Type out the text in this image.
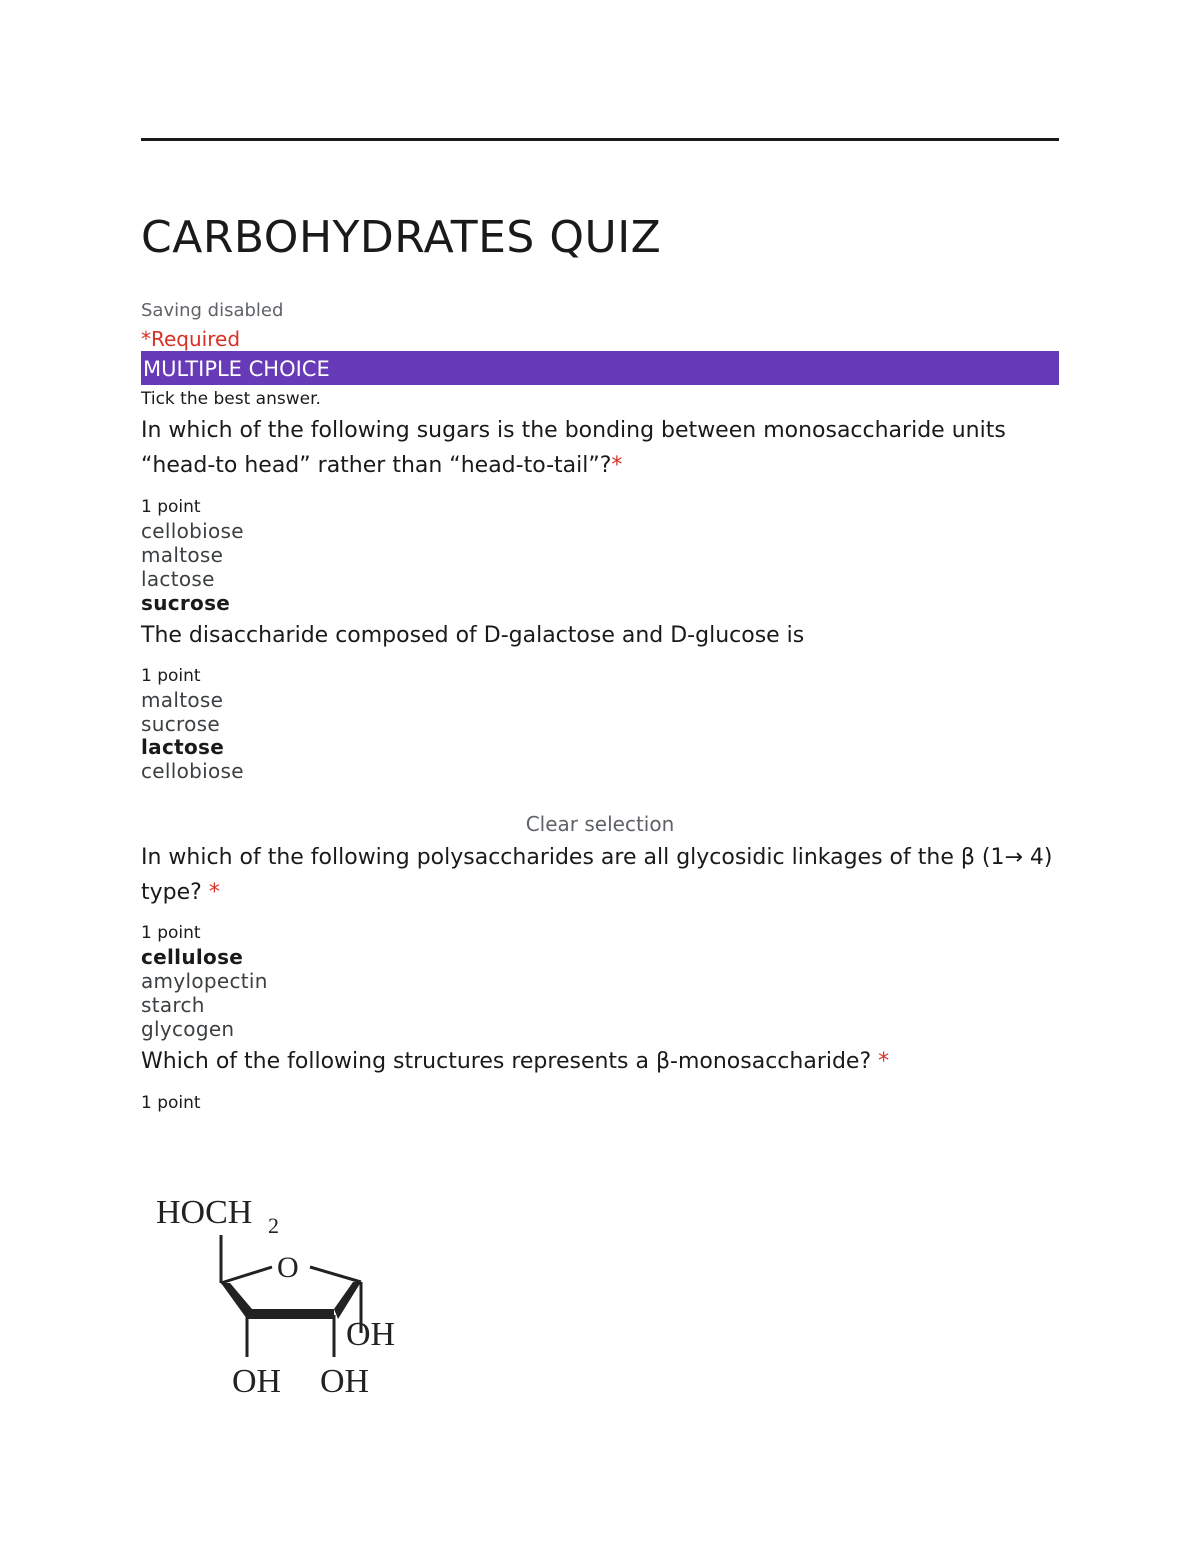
CARBOHYDRATES QUIZ
Saving disabled
*Required
MULTIPLE CHOICE
Tick the best answer.
In which of the following sugars is the bonding between monosaccharide units “head-to head” rather than “head-to-tail”?*
1 point
cellobiose
maltose
lactose
sucrose
The disaccharide composed of D-galactose and D-glucose is
1 point
maltose
sucrose
lactose
cellobiose
Clear selection
In which of the following polysaccharides are all glycosidic linkages of the β (1→ 4) type? *
1 point
cellulose
amylopectin
starch
glycogen
Which of the following structures represents a β-monosaccharide? *
1 point
HOCH 2
O
OH
OH OH
